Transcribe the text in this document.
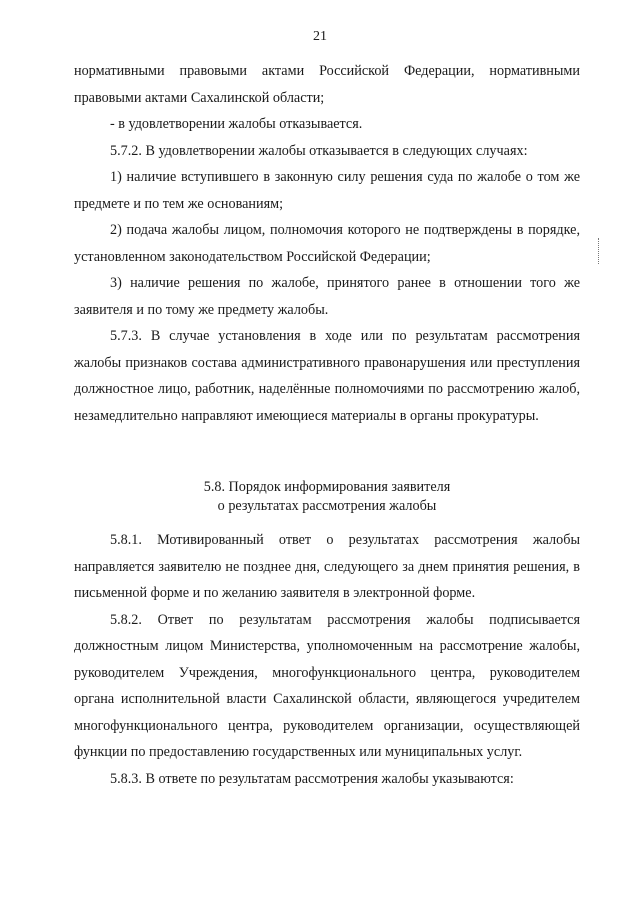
21

нормативными правовыми актами Российской Федерации, нормативными правовыми актами Сахалинской области;

- в удовлетворении жалобы отказывается.

5.7.2. В удовлетворении жалобы отказывается в следующих случаях:

1) наличие вступившего в законную силу решения суда по жалобе о том же предмете и по тем же основаниям;

2) подача жалобы лицом, полномочия которого не подтверждены в порядке, установленном законодательством Российской Федерации;

3) наличие решения по жалобе, принятого ранее в отношении того же заявителя и по тому же предмету жалобы.

5.7.3. В случае установления в ходе или по результатам рассмотрения жалобы признаков состава административного правонарушения или преступления должностное лицо, работник, наделённые полномочиями по рассмотрению жалоб, незамедлительно направляют имеющиеся материалы в органы прокуратуры.

5.8. Порядок информирования заявителя

о результатах рассмотрения жалобы

5.8.1. Мотивированный ответ о результатах рассмотрения жалобы направляется заявителю не позднее дня, следующего за днем принятия решения, в письменной форме и по желанию заявителя в электронной форме.

5.8.2. Ответ по результатам рассмотрения жалобы подписывается должностным лицом Министерства, уполномоченным на рассмотрение жалобы, руководителем Учреждения, многофункционального центра, руководителем органа исполнительной власти Сахалинской области, являющегося учредителем многофункционального центра, руководителем организации, осуществляющей функции по предоставлению государственных или муниципальных услуг.

5.8.3. В ответе по результатам рассмотрения жалобы указываются:
